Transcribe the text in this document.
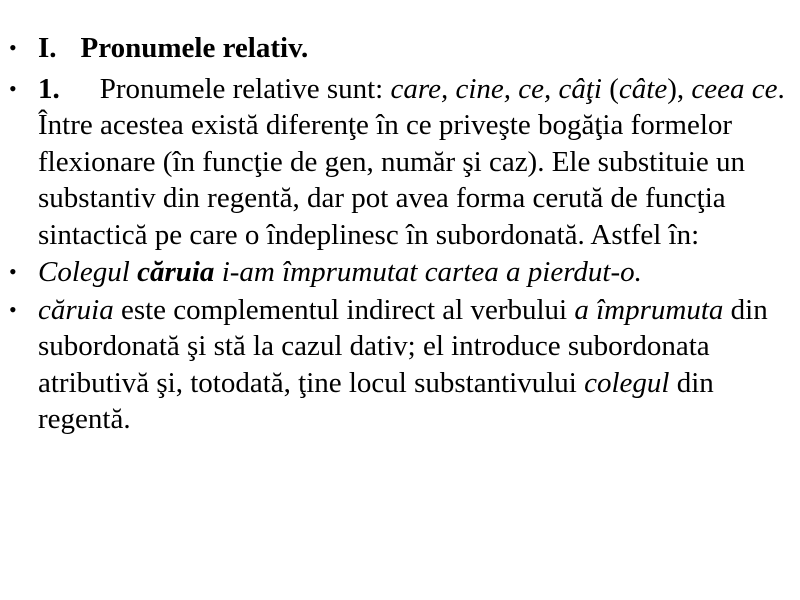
• I. Pronumele relativ.
• 1. Pronumele relative sunt: care, cine, ce, câţi (câte), ceea ce. Între acestea există diferenţe în ce priveşte bogăţia formelor flexionare (în funcţie de gen, număr şi caz). Ele substituie un substantiv din regentă, dar pot avea forma cerută de funcţia sintactică pe care o îndeplinesc în subordonată. Astfel în:
• Colegul căruia i-am împrumutat cartea a pierdut-o.
• căruia este complementul indirect al verbului a împrumuta din subordonată şi stă la cazul dativ; el introduce subordonata atributivă şi, totodată, ţine locul substantivului colegul din regentă.
